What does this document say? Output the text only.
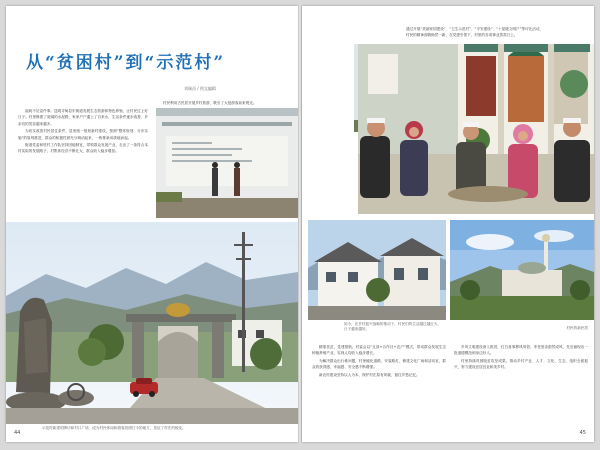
从“贫困村”到“示范村”
刘瑞昌 / 图文编辑

福尚不足壹件事。昆明寻甸县东街道发展生态旅游和特色养殖，让村民过上好日子。村里修建了宽阔的水泥路，家家户户通上了自来水，生活条件逐步改善，乡亲们的笑容越来越多。

为切实改善村民居住条件，县里统一规划新村建设，按照“整体规划、分步实施”的原则推进，群众的积极性被充分调动起来，一栋栋新房拔地而起。

街道党委和驻村工作队坚持因地制宜，带领群众发展产业，走出了一条符合本村实际的发展路子，村集体经济不断壮大，群众收入稳步增加。

村民利用古民居开展乡村旅游，吸引了大批游客前来观光。

示范村新建的牌坊和村口广场，成为村民休闲和游客拍照打卡的地方，见证了村庄的蜕变。
44
通过开展“美丽家园建设”、“卫生示范村”、“平安建设”、“十星级文明户”等评比活动，
村民的精神面貌焕然一新，在党建引领下，村里的各项事业蒸蒸日上。
如今，在乡村振兴战略的推动下，村民们的生活越过越红火，日子越来越好。	村民的新民居

精准扶贫，党建领航。村委会以“支部+合作社+农户”模式，带动群众发展生态种植养殖产业，实现人均收入稳步增长。

为解决群众出行难问题，村里硬化道路、安装路灯，修建文化广场和活动室，群众的获得感、幸福感、安全感不断增强。

新农村建设坚持以人为本，保护村庄原有风貌，留住乡愁记忆。

乡风文明建设深入推进，红白喜事移风易俗，孝老爱亲蔚然成风，先后涌现出一批道德模范和身边好人。

村里持续巩固脱贫攻坚成果，推动乡村产业、人才、文化、生态、组织全面振兴，努力建设宜居宜业和美乡村。

45
